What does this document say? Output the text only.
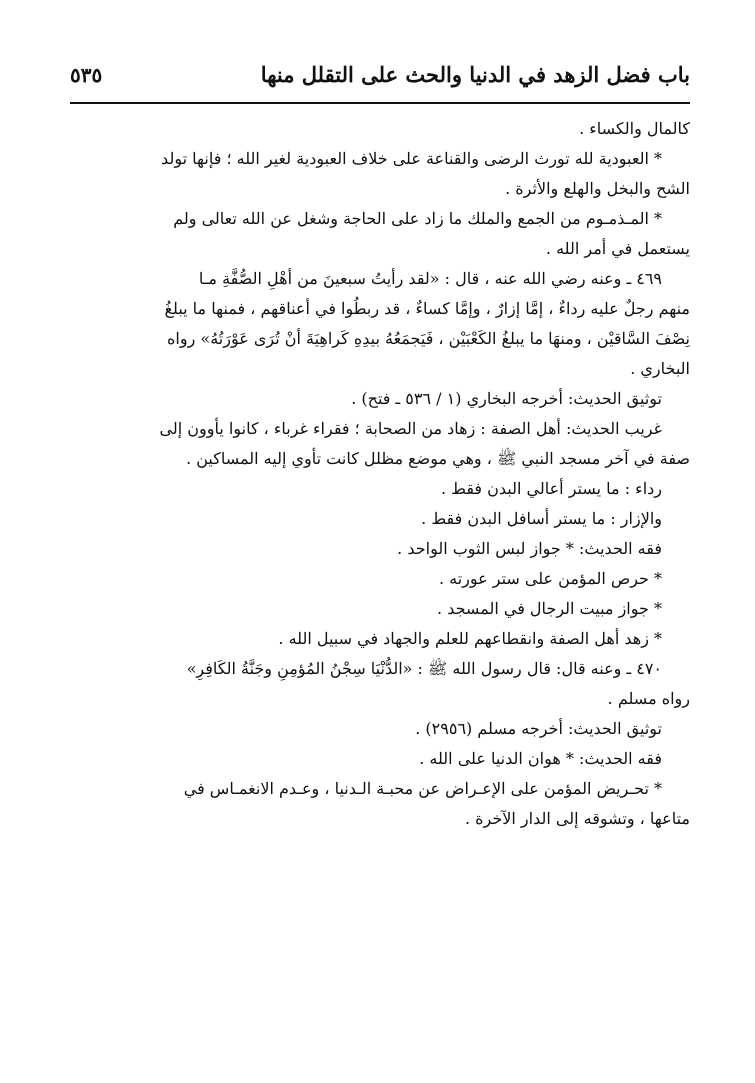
باب فضل الزهد في الدنيا والحث على التقلل منها
٥٣٥
كالمال والكساء .
* العبودية لله تورث الرضى والقناعة على خلاف العبودية لغير الله ؛ فإنها تولد
الشح والبخل والهلع والأثرة .
* المـذمـوم من الجمع والملك ما زاد على الحاجة وشغل عن الله تعالى ولم
يستعمل في أمر الله .
٤٦٩ ـ وعنه رضي الله عنه ، قال : «لقد رأيتُ سبعينَ من أهْلِ الصُّفَّةِ مـا
منهم رجلٌ عليه رداءٌ ، إمَّا إزارٌ ، وإمَّا كساءٌ ، قد ربطُوا في أعناقهم ، فمنها ما يبلغُ
نِصْفَ السَّاقيْن ، ومنهَا ما يبلغُ الكَعْبَيْن ، فَيَجمَعُهُ بيدِهِ كَراهِيَةَ أنْ تُرَى عَوْرَتُهُ» رواه
البخاري .
توثيق الحديث: أخرجه البخاري (١ / ٥٣٦ ـ فتح) .
غريب الحديث: أهل الصفة : زهاد من الصحابة ؛ فقراء غرباء ، كانوا يأوون إلى
صفة في آخر مسجد النبي ﷺ ، وهي موضع مظلل كانت تأوي إليه المساكين .
رداء : ما يستر أعالي البدن فقط .
والإزار : ما يستر أسافل البدن فقط .
فقه الحديث: * جواز لبس الثوب الواحد .
* حرص المؤمن على ستر عورته .
* جواز مبيت الرجال في المسجد .
* زهد أهل الصفة وانقطاعهم للعلم والجهاد في سبيل الله .
٤٧٠ ـ وعنه قال: قال رسول الله ﷺ : «الدُّنْيَا سِجْنُ المُؤمِنِ وجَنَّةُ الكَافِرِ»
رواه مسلم .
توثيق الحديث: أخرجه مسلم (٢٩٥٦) .
فقه الحديث: * هوان الدنيا على الله .
* تحـريض المؤمن على الإعـراض عن محبـة الـدنيا ، وعـدم الانغمـاس في
متاعها ، وتشوقه إلى الدار الآخرة .
